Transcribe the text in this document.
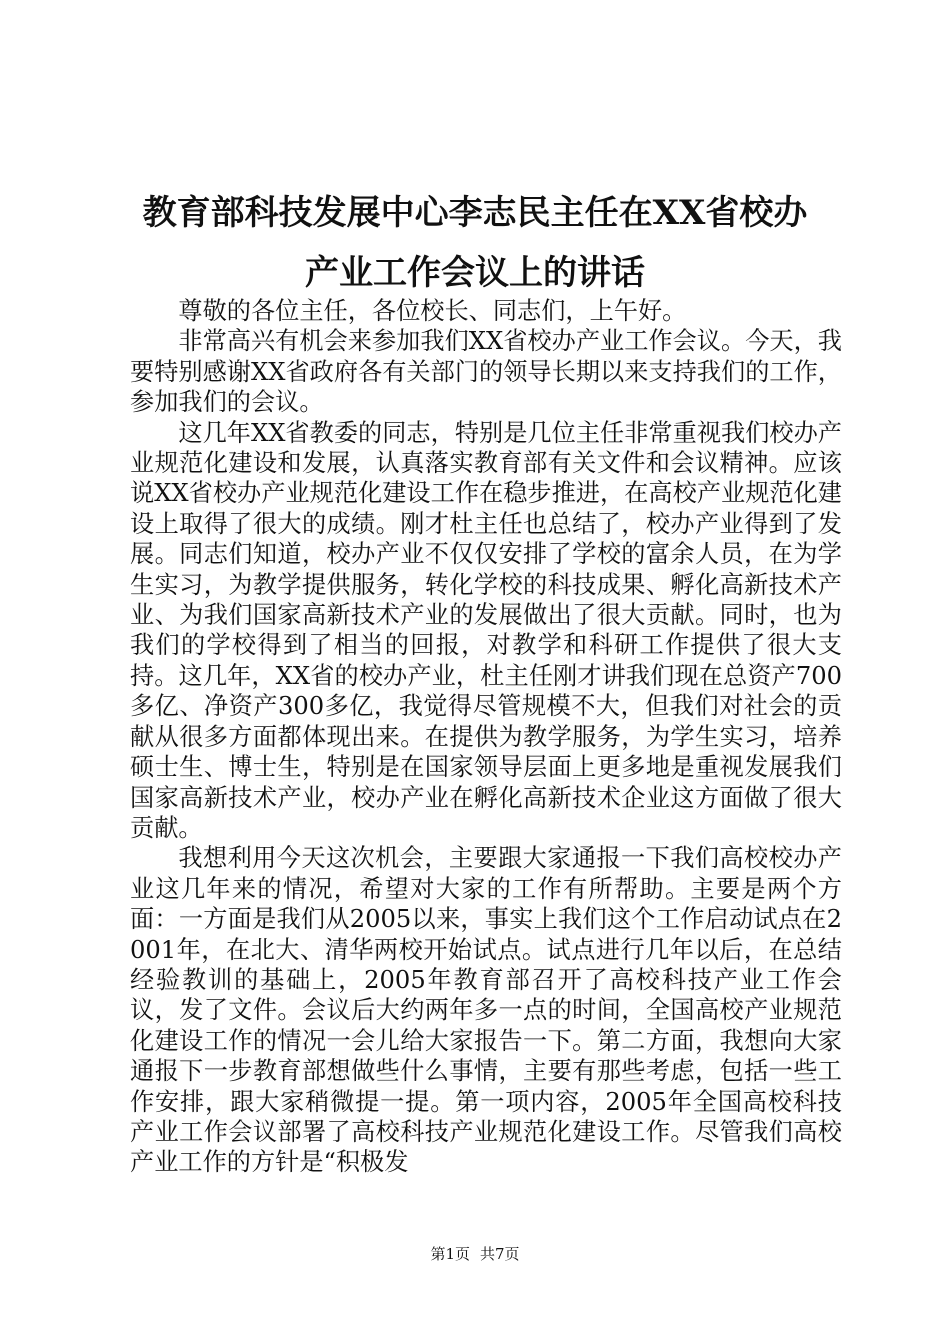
教育部科技发展中心李志民主任在XX省校办
产业工作会议上的讲话

尊敬的各位主任，各位校长、同志们，上午好。

非常高兴有机会来参加我们XX省校办产业工作会议。今天，我要特别感谢XX省政府各有关部门的领导长期以来支持我们的工作，参加我们的会议。

这几年XX省教委的同志，特别是几位主任非常重视我们校办产业规范化建设和发展，认真落实教育部有关文件和会议精神。应该说XX省校办产业规范化建设工作在稳步推进，在高校产业规范化建设上取得了很大的成绩。刚才杜主任也总结了，校办产业得到了发展。同志们知道，校办产业不仅仅安排了学校的富余人员，在为学生实习，为教学提供服务，转化学校的科技成果、孵化高新技术产业、为我们国家高新技术产业的发展做出了很大贡献。同时，也为我们的学校得到了相当的回报，对教学和科研工作提供了很大支持。这几年，XX省的校办产业，杜主任刚才讲我们现在总资产700多亿、净资产300多亿，我觉得尽管规模不大，但我们对社会的贡献从很多方面都体现出来。在提供为教学服务，为学生实习，培养硕士生、博士生，特别是在国家领导层面上更多地是重视发展我们国家高新技术产业，校办产业在孵化高新技术企业这方面做了很大贡献。

我想利用今天这次机会，主要跟大家通报一下我们高校校办产业这几年来的情况，希望对大家的工作有所帮助。主要是两个方面：一方面是我们从2005以来，事实上我们这个工作启动试点在2001年，在北大、清华两校开始试点。试点进行几年以后，在总结经验教训的基础上，2005年教育部召开了高校科技产业工作会议，发了文件。会议后大约两年多一点的时间，全国高校产业规范化建设工作的情况一会儿给大家报告一下。第二方面，我想向大家通报下一步教育部想做些什么事情，主要有那些考虑，包括一些工作安排，跟大家稍微提一提。第一项内容，2005年全国高校科技产业工作会议部署了高校科技产业规范化建设工作。尽管我们高校产业工作的方针是“积极发

第1页 共7页
